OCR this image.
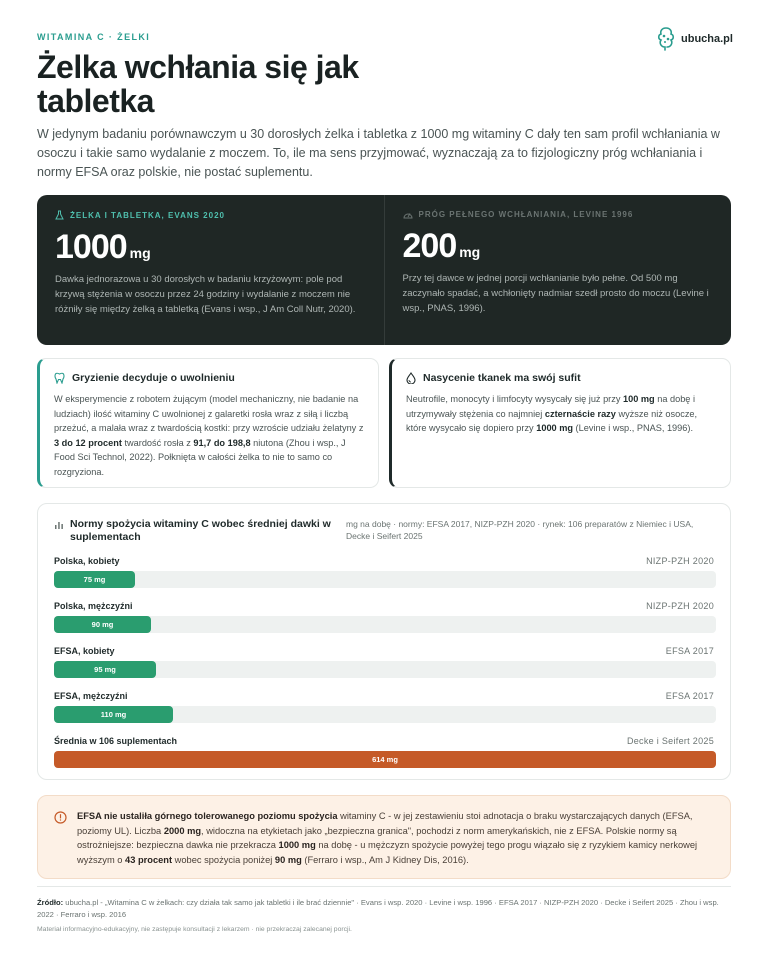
WITAMINA C · ŻELKI	ubucha.pl
Żelka wchłania się jak tabletka

W jedynym badaniu porównawczym u 30 dorosłych żelka i tabletka z 1000 mg witaminy C dały ten sam profil wchłaniania w osoczu i takie samo wydalanie z moczem. To, ile ma sens przyjmować, wyznaczają za to fizjologiczny próg wchłaniania i normy EFSA oraz polskie, nie postać suplementu.

ŻELKA I TABLETKA, EVANS 2020
1000 mg

Dawka jednorazowa u 30 dorosłych w badaniu krzyżowym: pole pod krzywą stężenia w osoczu przez 24 godziny i wydalanie z moczem nie różniły się między żelką a tabletką (Evans i wsp., J Am Coll Nutr, 2020).

PRÓG PEŁNEGO WCHŁANIANIA, LEVINE 1996
200 mg

Przy tej dawce w jednej porcji wchłanianie było pełne. Od 500 mg zaczynało spadać, a wchłonięty nadmiar szedł prosto do moczu (Levine i wsp., PNAS, 1996).

Gryzienie decyduje o uwolnieniu

W eksperymencie z robotem żującym (model mechaniczny, nie badanie na ludziach) ilość witaminy C uwolnionej z galaretki rosła wraz z siłą i liczbą przeżuć, a malała wraz z twardością kostki: przy wzroście udziału żelatyny z 3 do 12 procent twardość rosła z 91,7 do 198,8 niutona (Zhou i wsp., J Food Sci Technol, 2022). Połknięta w całości żelka to nie to samo co rozgryziona.

Nasycenie tkanek ma swój sufit

Neutrofile, monocyty i limfocyty wysycały się już przy 100 mg na dobę i utrzymywały stężenia co najmniej czternaście razy wyższe niż osocze, które wysycało się dopiero przy 1000 mg (Levine i wsp., PNAS, 1996).

Normy spożycia witaminy C wobec średniej dawki w suplementach
mg na dobę · normy: EFSA 2017, NIZP-PZH 2020 · rynek: 106 preparatów z Niemiec i USA, Decke i Seifert 2025
Polska, kobiety	NIZP-PZH 2020
75 mg
Polska, mężczyźni	NIZP-PZH 2020
90 mg
EFSA, kobiety	EFSA 2017
95 mg
EFSA, mężczyźni	EFSA 2017
110 mg
Średnia w 106 suplementach	Decke i Seifert 2025
614 mg

EFSA nie ustaliła górnego tolerowanego poziomu spożycia witaminy C - w jej zestawieniu stoi adnotacja o braku wystarczających danych (EFSA, poziomy UL). Liczba 2000 mg, widoczna na etykietach jako „bezpieczna granica", pochodzi z norm amerykańskich, nie z EFSA. Polskie normy są ostrożniejsze: bezpieczna dawka nie przekracza 1000 mg na dobę - u mężczyzn spożycie powyżej tego progu wiązało się z ryzykiem kamicy nerkowej wyższym o 43 procent wobec spożycia poniżej 90 mg (Ferraro i wsp., Am J Kidney Dis, 2016).

Źródło: ubucha.pl - „Witamina C w żelkach: czy działa tak samo jak tabletki i ile brać dziennie" · Evans i wsp. 2020 · Levine i wsp. 1996 · EFSA 2017 · NIZP-PZH 2020 · Decke i Seifert 2025 · Zhou i wsp. 2022 · Ferraro i wsp. 2016

Materiał informacyjno-edukacyjny, nie zastępuje konsultacji z lekarzem · nie przekraczaj zalecanej porcji.
